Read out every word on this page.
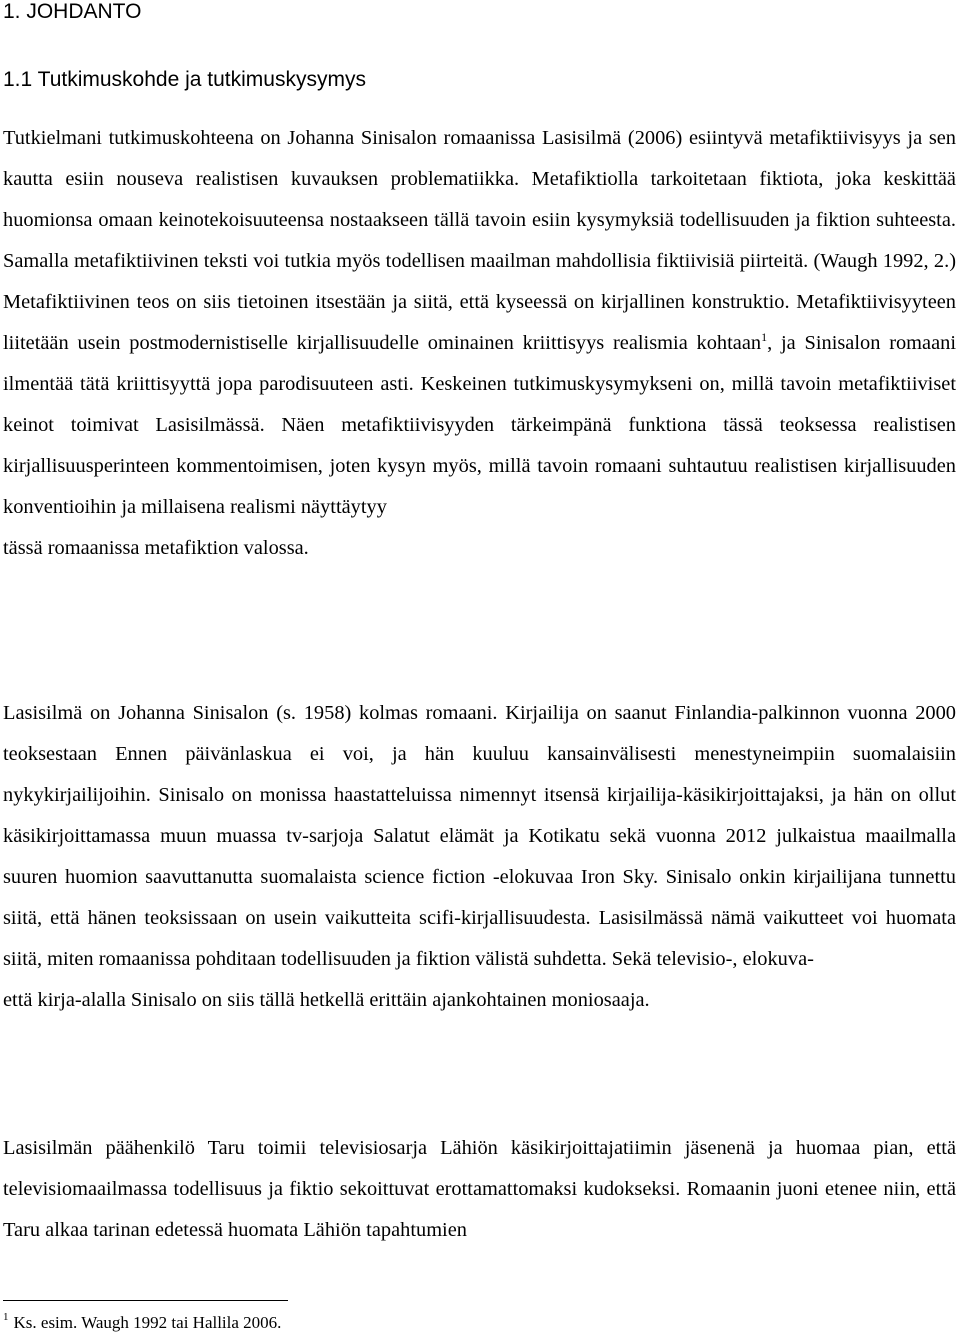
1. JOHDANTO
1.1 Tutkimuskohde ja tutkimuskysymys

Tutkielmani tutkimuskohteena on Johanna Sinisalon romaanissa Lasisilmä (2006) esiintyvä metafiktiivisyys ja sen kautta esiin nouseva realistisen kuvauksen problematiikka. Metafiktiolla tarkoitetaan fiktiota, joka keskittää huomionsa omaan keinotekoisuuteensa nostaakseen tällä tavoin esiin kysymyksiä todellisuuden ja fiktion suhteesta. Samalla metafiktiivinen teksti voi tutkia myös todellisen maailman mahdollisia fiktiivisiä piirteitä. (Waugh 1992, 2.) Metafiktiivinen teos on siis tietoinen itsestään ja siitä, että kyseessä on kirjallinen konstruktio. Metafiktiivisyyteen liitetään usein postmodernistiselle kirjallisuudelle ominainen kriittisyys realismia kohtaan$^1$, ja Sinisalon romaani ilmentää tätä kriittisyyttä jopa parodisuuteen asti. Keskeinen tutkimuskysymykseni on, millä tavoin metafiktiiviset keinot toimivat Lasisilmässä. Näen metafiktiivisyyden tärkeimpänä funktiona tässä teoksessa realistisen kirjallisuusperinteen kommentoimisen, joten kysyn myös, millä tavoin romaani suhtautuu realistisen kirjallisuuden konventioihin ja millaisena realismi näyttäytyy
tässä romaanissa metafiktion valossa.

Lasisilmä on Johanna Sinisalon (s. 1958) kolmas romaani. Kirjailija on saanut Finlandia-palkinnon vuonna 2000 teoksestaan Ennen päivänlaskua ei voi, ja hän kuuluu kansainvälisesti menestyneimpiin suomalaisiin nykykirjailijoihin. Sinisalo on monissa haastatteluissa nimennyt itsensä kirjailija-käsikirjoittajaksi, ja hän on ollut käsikirjoittamassa muun muassa tv-sarjoja Salatut elämät ja Kotikatu sekä vuonna 2012 julkaistua maailmalla suuren huomion saavuttanutta suomalaista science fiction -elokuvaa Iron Sky. Sinisalo onkin kirjailijana tunnettu siitä, että hänen teoksissaan on usein vaikutteita scifi-kirjallisuudesta. Lasisilmässä nämä vaikutteet voi huomata siitä, miten romaanissa pohditaan todellisuuden ja fiktion välistä suhdetta. Sekä televisio-, elokuva-
että kirja-alalla Sinisalo on siis tällä hetkellä erittäin ajankohtainen moniosaaja.

Lasisilmän päähenkilö Taru toimii televisiosarja Lähiön käsikirjoittajatiimin jäsenenä ja huomaa pian, että televisiomaailmassa todellisuus ja fiktio sekoittuvat erottamattomaksi kudokseksi. Romaanin juoni etenee niin, että Taru alkaa tarinan edetessä huomata Lähiön tapahtumien

$^1$ Ks. esim. Waugh 1992 tai Hallila 2006.
